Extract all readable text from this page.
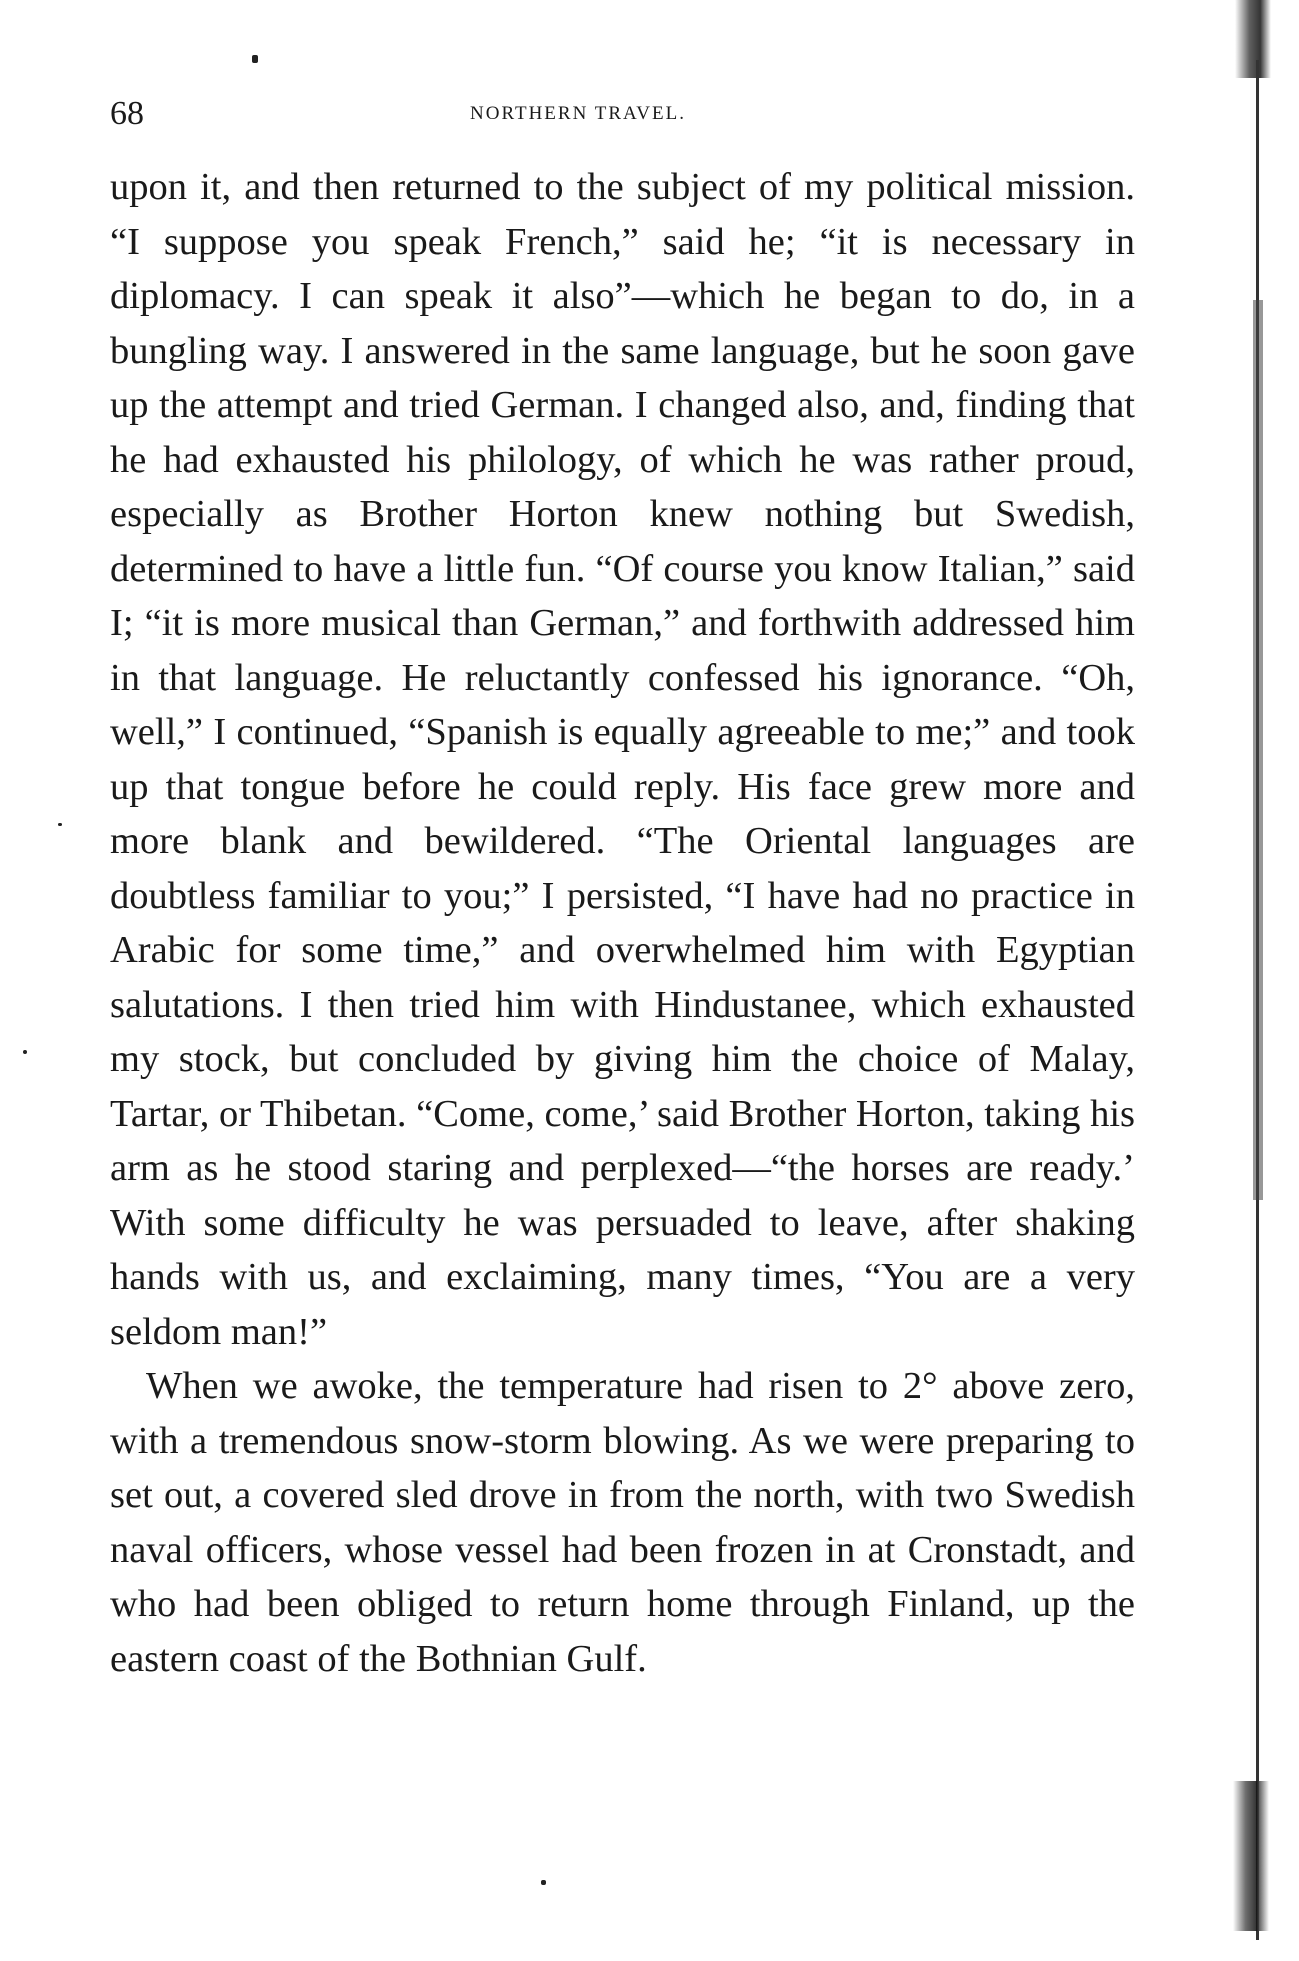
68	NORTHERN TRAVEL.

upon it, and then returned to the subject of my political mission. “I suppose you speak French,” said he; “it is necessary in diplomacy. I can speak it also”—which he began to do, in a bungling way. I answered in the same language, but he soon gave up the attempt and tried German. I changed also, and, finding that he had exhausted his philology, of which he was rather proud, especially as Brother Horton knew nothing but Swedish, determined to have a little fun. “Of course you know Italian,” said I; “it is more musical than German,” and forthwith addressed him in that language. He reluctantly confessed his ignorance. “Oh, well,” I continued, “Spanish is equally agreeable to me;” and took up that tongue before he could reply. His face grew more and more blank and bewildered. “The Oriental languages are doubtless familiar to you;” I persisted, “I have had no practice in Arabic for some time,” and overwhelmed him with Egyptian salutations. I then tried him with Hindustanee, which exhausted my stock, but concluded by giving him the choice of Malay, Tartar, or Thibetan. “Come, come,’ said Brother Horton, taking his arm as he stood staring and perplexed—“the horses are ready.’ With some difficulty he was persuaded to leave, after shaking hands with us, and exclaiming, many times, “You are a very seldom man!”

When we awoke, the temperature had risen to 2° above zero, with a tremendous snow-storm blowing. As we were preparing to set out, a covered sled drove in from the north, with two Swedish naval officers, whose vessel had been frozen in at Cronstadt, and who had been obliged to return home through Finland, up the eastern coast of the Bothnian Gulf.
